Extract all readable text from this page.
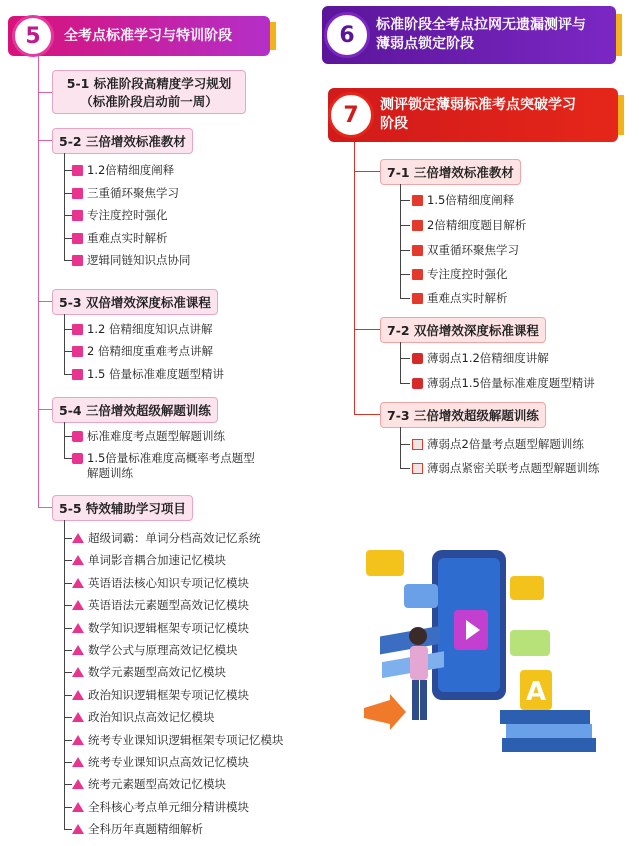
5	全考点标准学习与特训阶段
5-1 标准阶段高精度学习规划
（标准阶段启动前一周）
5-2 三倍增效标准教材
1.2倍精细度阐释
三重循环聚焦学习
专注度控时强化
重难点实时解析
逻辑同链知识点协同
5-3 双倍增效深度标准课程
1.2 倍精细度知识点讲解
2 倍精细度重难考点讲解
1.5 倍量标准难度题型精讲
5-4 三倍增效超级解题训练
标准难度考点题型解题训练
1.5倍量标准难度高概率考点题型
解题训练
5-5 特效辅助学习项目
超级词霸：单词分档高效记忆系统
单词影音耦合加速记忆模块
英语语法核心知识专项记忆模块
英语语法元素题型高效记忆模块
数学知识逻辑框架专项记忆模块
数学公式与原理高效记忆模块
数学元素题型高效记忆模块
政治知识逻辑框架专项记忆模块
政治知识点高效记忆模块
统考专业课知识逻辑框架专项记忆模块
统考专业课知识点高效记忆模块
统考元素题型高效记忆模块
全科核心考点单元细分精讲模块
全科历年真题精细解析
6	标准阶段全考点拉网无遗漏测评与
薄弱点锁定阶段
7	测评锁定薄弱标准考点突破学习
阶段
7-1 三倍增效标准教材
1.5倍精细度阐释
2倍精细度题目解析
双重循环聚焦学习
专注度控时强化
重难点实时解析
7-2 双倍增效深度标准课程
薄弱点1.2倍精细度讲解
薄弱点1.5倍量标准难度题型精讲
7-3 三倍增效超级解题训练
薄弱点2倍量考点题型解题训练
薄弱点紧密关联考点题型解题训练
A
